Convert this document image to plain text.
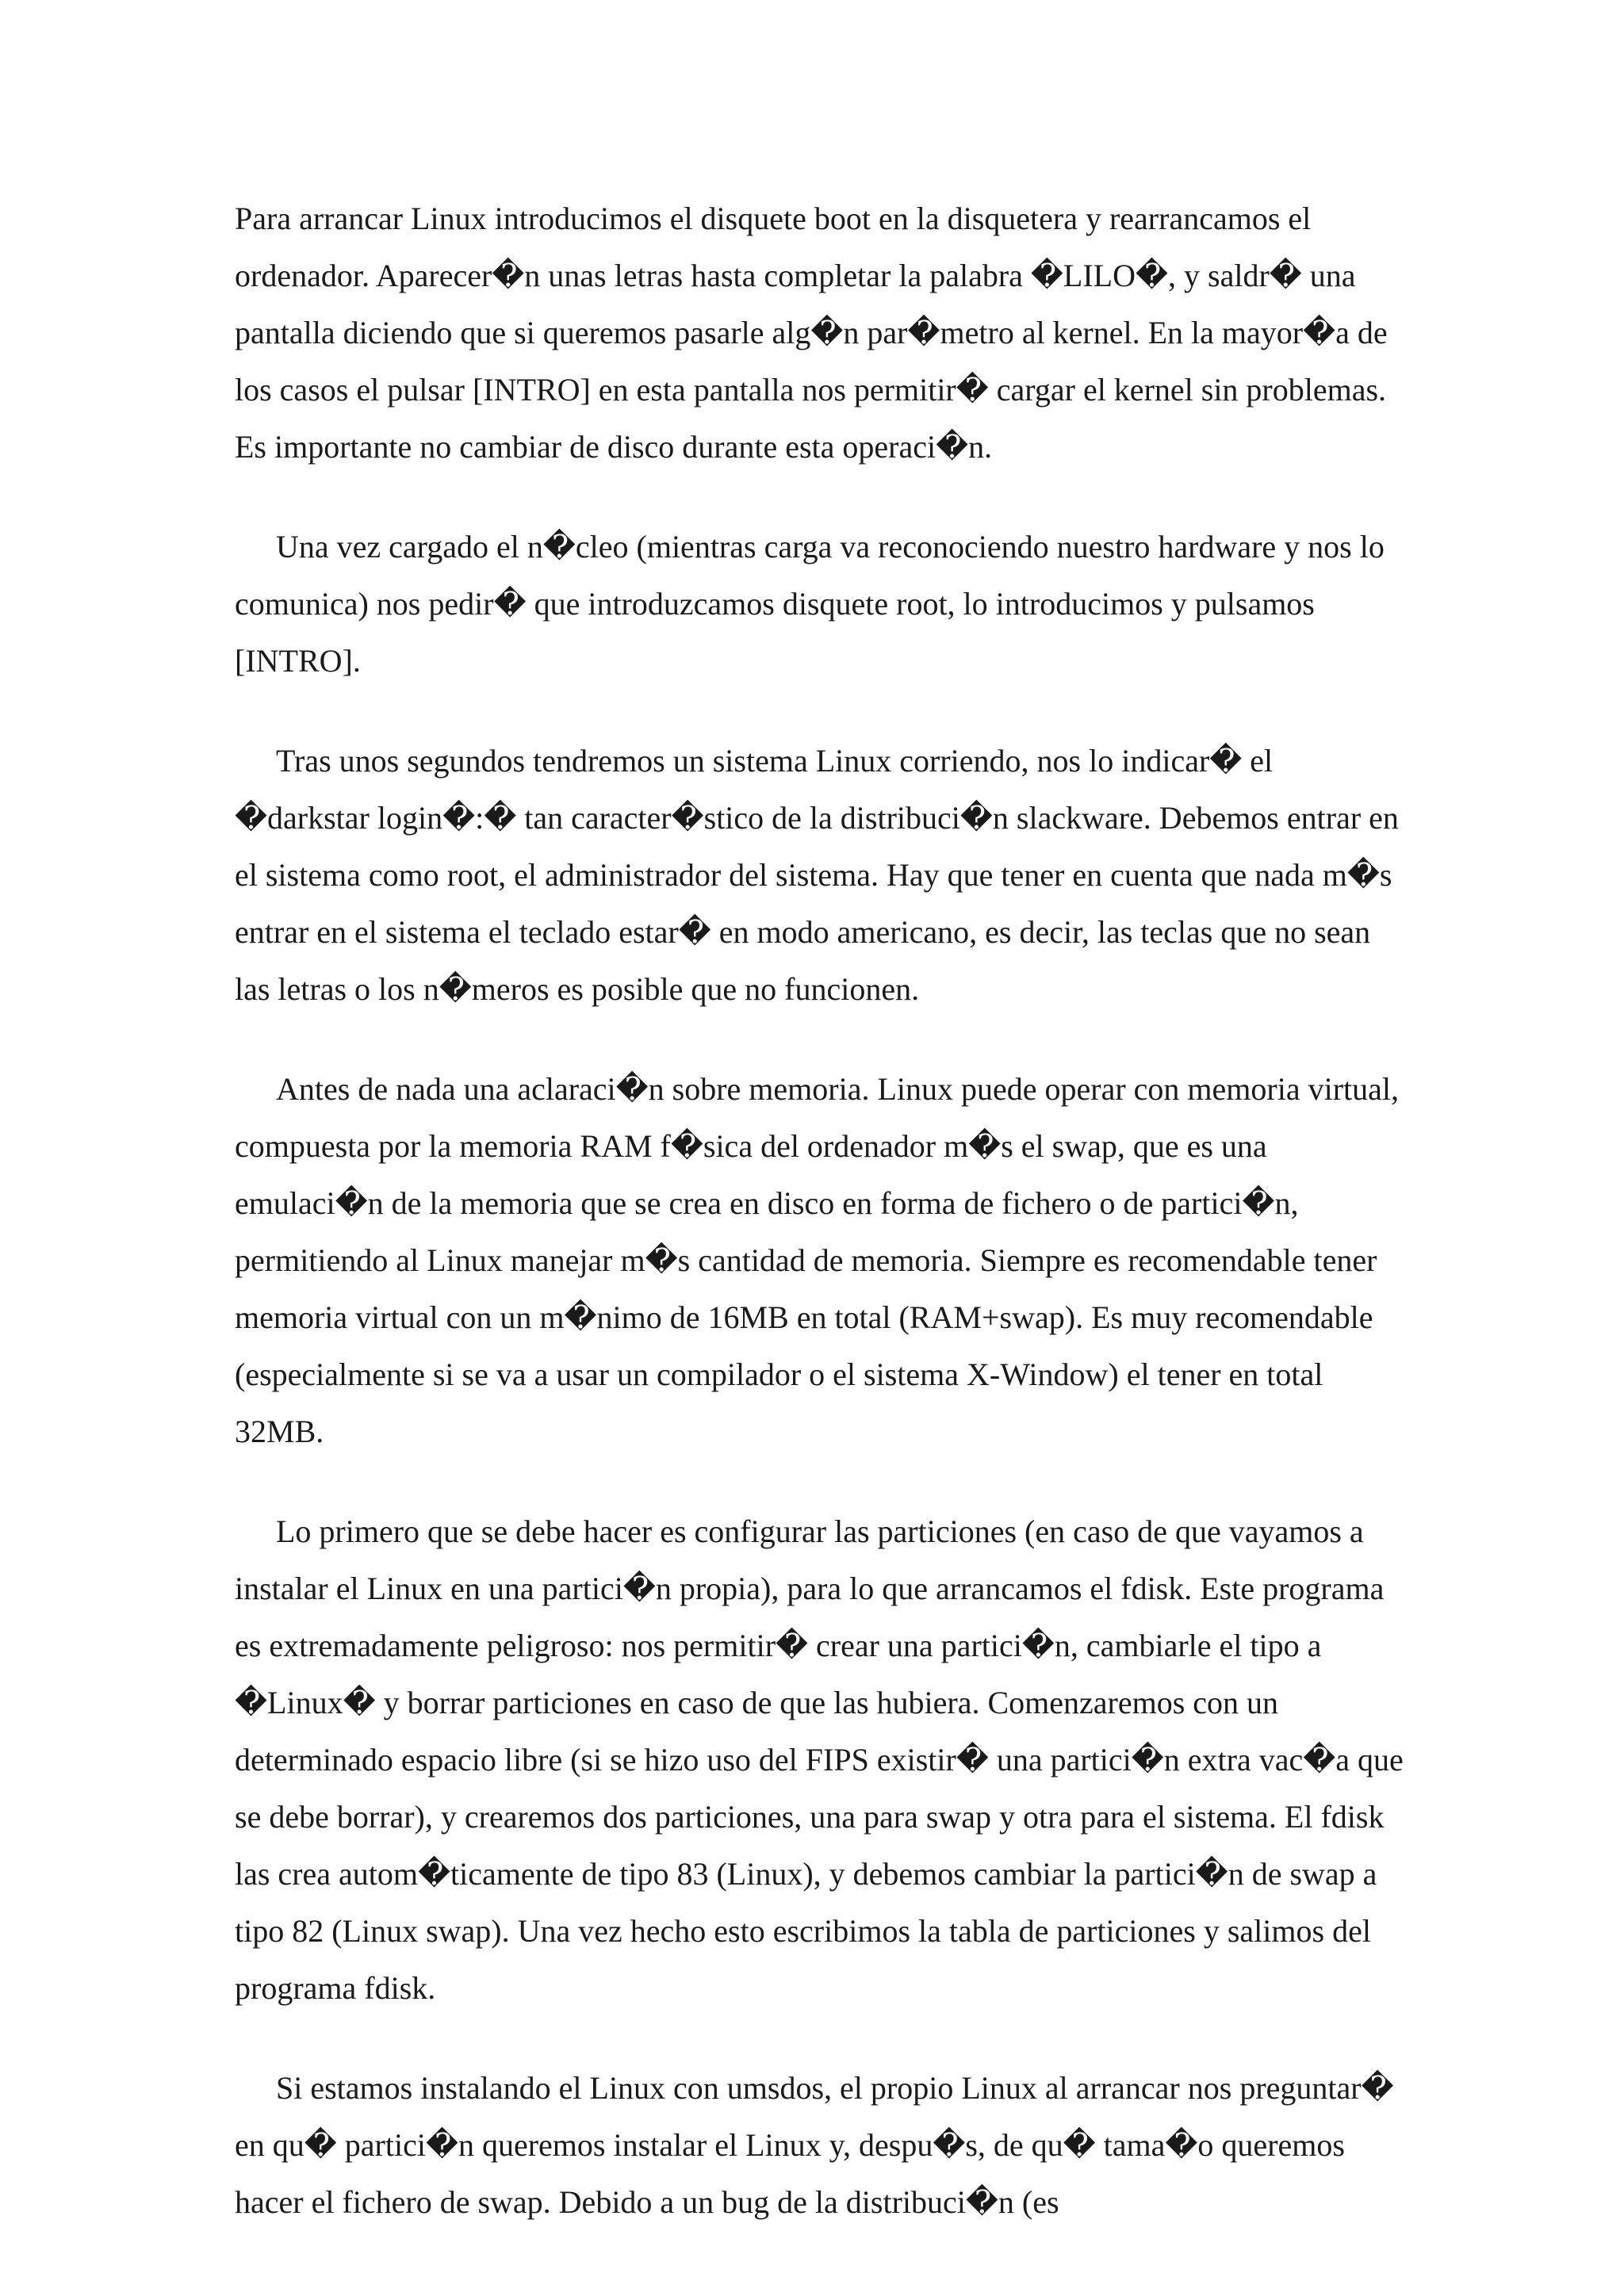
Para arrancar Linux introducimos el disquete boot en la disquetera y rearrancamos el ordenador. Aparecer�n unas letras hasta completar la palabra �LILO�, y saldr� una pantalla diciendo que si queremos pasarle alg�n par�metro al kernel. En la mayor�a de los casos el pulsar [INTRO] en esta pantalla nos permitir� cargar el kernel sin problemas. Es importante no cambiar de disco durante esta operaci�n.

Una vez cargado el n�cleo (mientras carga va reconociendo nuestro hardware y nos lo comunica) nos pedir� que introduzcamos disquete root, lo introducimos y pulsamos [INTRO].

Tras unos segundos tendremos un sistema Linux corriendo, nos lo indicar� el �darkstar login�:� tan caracter�stico de la distribuci�n slackware. Debemos entrar en el sistema como root, el administrador del sistema. Hay que tener en cuenta que nada m�s entrar en el sistema el teclado estar� en modo americano, es decir, las teclas que no sean las letras o los n�meros es posible que no funcionen.

Antes de nada una aclaraci�n sobre memoria. Linux puede operar con memoria virtual, compuesta por la memoria RAM f�sica del ordenador m�s el swap, que es una emulaci�n de la memoria que se crea en disco en forma de fichero o de partici�n, permitiendo al Linux manejar m�s cantidad de memoria. Siempre es recomendable tener memoria virtual con un m�nimo de 16MB en total (RAM+swap). Es muy recomendable (especialmente si se va a usar un compilador o el sistema X-Window) el tener en total 32MB.

Lo primero que se debe hacer es configurar las particiones (en caso de que vayamos a instalar el Linux en una partici�n propia), para lo que arrancamos el fdisk. Este programa es extremadamente peligroso: nos permitir� crear una partici�n, cambiarle el tipo a �Linux� y borrar particiones en caso de que las hubiera. Comenzaremos con un determinado espacio libre (si se hizo uso del FIPS existir� una partici�n extra vac�a que se debe borrar), y crearemos dos particiones, una para swap y otra para el sistema. El fdisk las crea autom�ticamente de tipo 83 (Linux), y debemos cambiar la partici�n de swap a tipo 82 (Linux swap). Una vez hecho esto escribimos la tabla de particiones y salimos del programa fdisk.

Si estamos instalando el Linux con umsdos, el propio Linux al arrancar nos preguntar� en qu� partici�n queremos instalar el Linux y, despu�s, de qu� tama�o queremos hacer el fichero de swap. Debido a un bug de la distribuci�n (es
